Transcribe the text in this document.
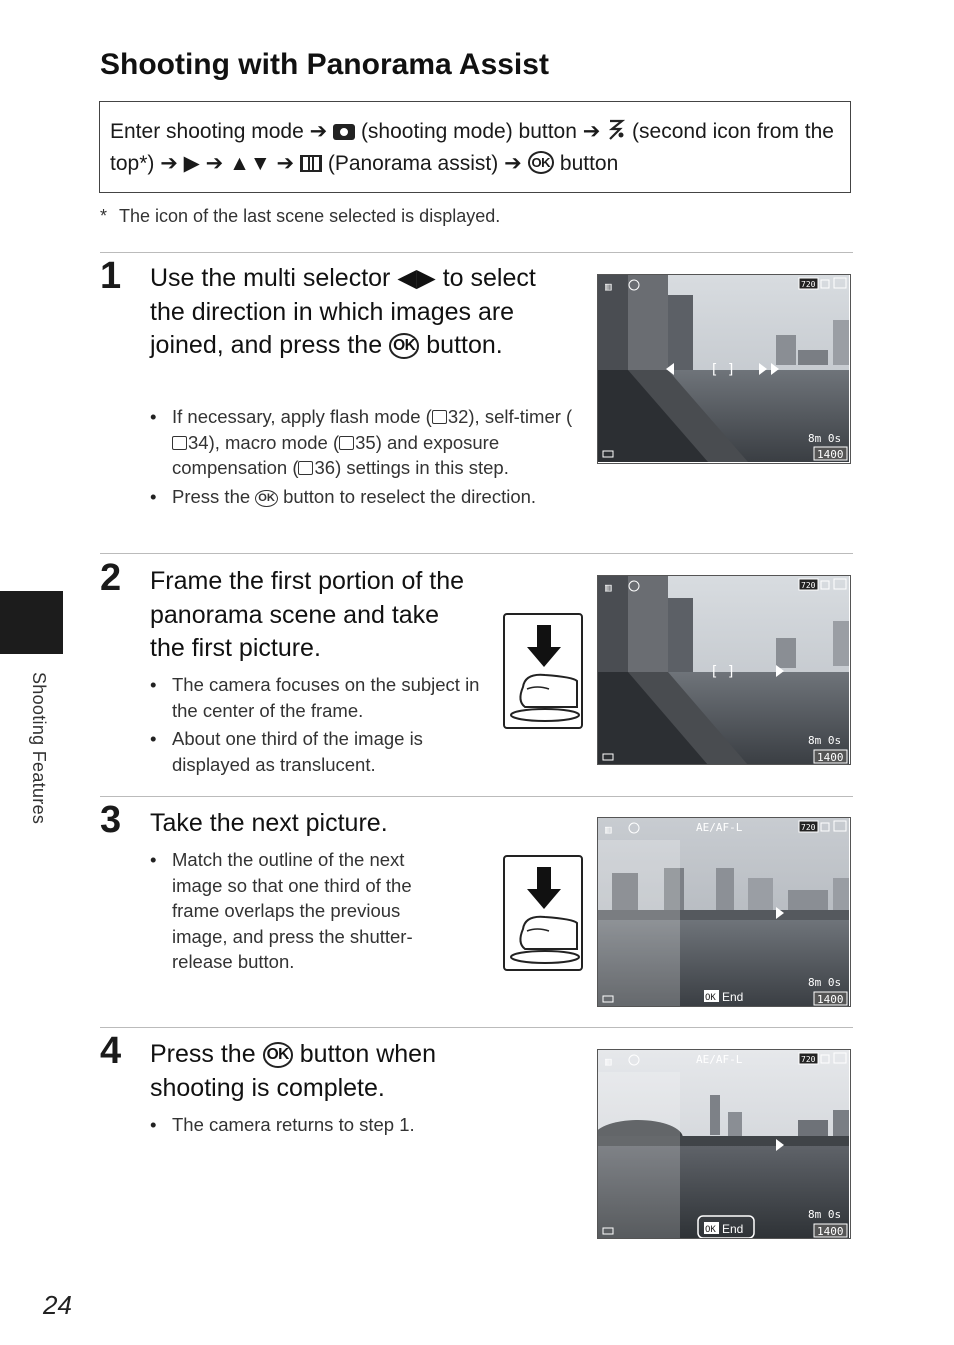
Shooting with Panorama Assist
Enter shooting mode ➔ (shooting mode) button ➔ (second icon from the top*) ➔ ▶ ➔ ▲▼ ➔ (Panorama assist) ➔ OK button
* The icon of the last scene selected is displayed.
1 Use the multi selector ◀▶ to select the direction in which images are joined, and press the OK button.
• If necessary, apply flash mode ( 32), self-timer (34), macro mode ( 35) and exposure compensation ( 36) settings in this step.
• Press the OK button to reselect the direction.
▥	720
[ ]
8m 0s
1400
2 Frame the first portion of the panorama scene and take the first picture.
• The camera focuses on the subject in the center of the frame.
• About one third of the image is displayed as translucent.
▥	720
[ ]
8m 0s
1400
3 Take the next picture.
• Match the outline of the next image so that one third of the frame overlaps the previous image, and press the shutter-release button.
▥	AE/AF-L	720
OK End
8m 0s
1400
4 Press the OK button when shooting is complete.
• The camera returns to step 1.
▥	AE/AF-L	720
OK End
8m 0s
1400
Shooting Features
24
